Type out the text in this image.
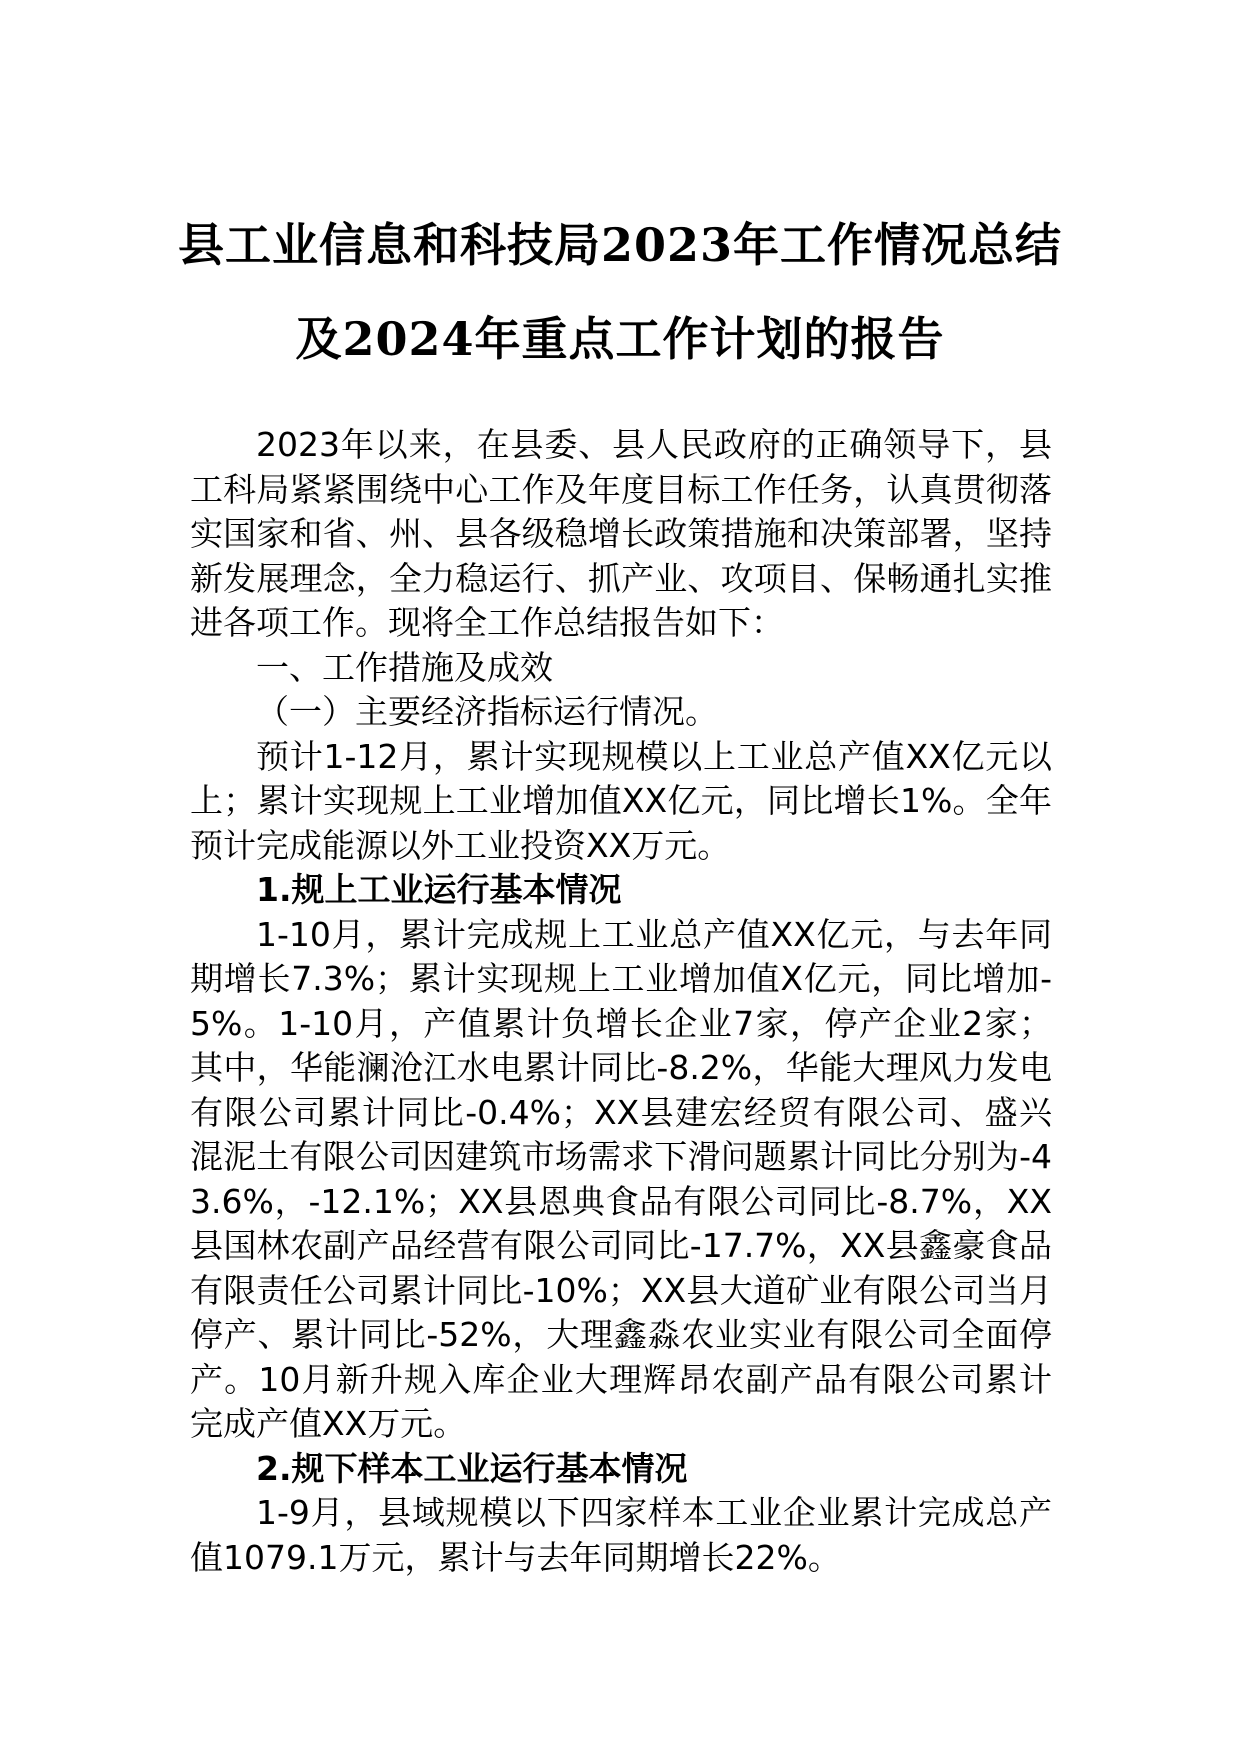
县工业信息和科技局2023年工作情况总结
及2024年重点工作计划的报告

2023年以来，在县委、县人民政府的正确领导下，县工科局紧紧围绕中心工作及年度目标工作任务，认真贯彻落实国家和省、州、县各级稳增长政策措施和决策部署，坚持新发展理念，全力稳运行、抓产业、攻项目、保畅通扎实推进各项工作。现将全工作总结报告如下：

一、工作措施及成效

（一）主要经济指标运行情况。

预计1-12月，累计实现规模以上工业总产值XX亿元以上；累计实现规上工业增加值XX亿元，同比增长1%。全年预计完成能源以外工业投资XX万元。

1.规上工业运行基本情况

1-10月，累计完成规上工业总产值XX亿元，与去年同期增长7.3%；累计实现规上工业增加值X亿元，同比增加-5%。1-10月，产值累计负增长企业7家，停产企业2家；其中，华能澜沧江水电累计同比-8.2%，华能大理风力发电有限公司累计同比-0.4%；XX县建宏经贸有限公司、盛兴混泥土有限公司因建筑市场需求下滑问题累计同比分别为-43.6%，-12.1%；XX县恩典食品有限公司同比-8.7%，XX县国林农副产品经营有限公司同比-17.7%，XX县鑫豪食品有限责任公司累计同比-10%；XX县大道矿业有限公司当月停产、累计同比-52%，大理鑫淼农业实业有限公司全面停产。10月新升规入库企业大理辉昂农副产品有限公司累计完成产值XX万元。

2.规下样本工业运行基本情况

1-9月，县域规模以下四家样本工业企业累计完成总产值1079.1万元，累计与去年同期增长22%。
